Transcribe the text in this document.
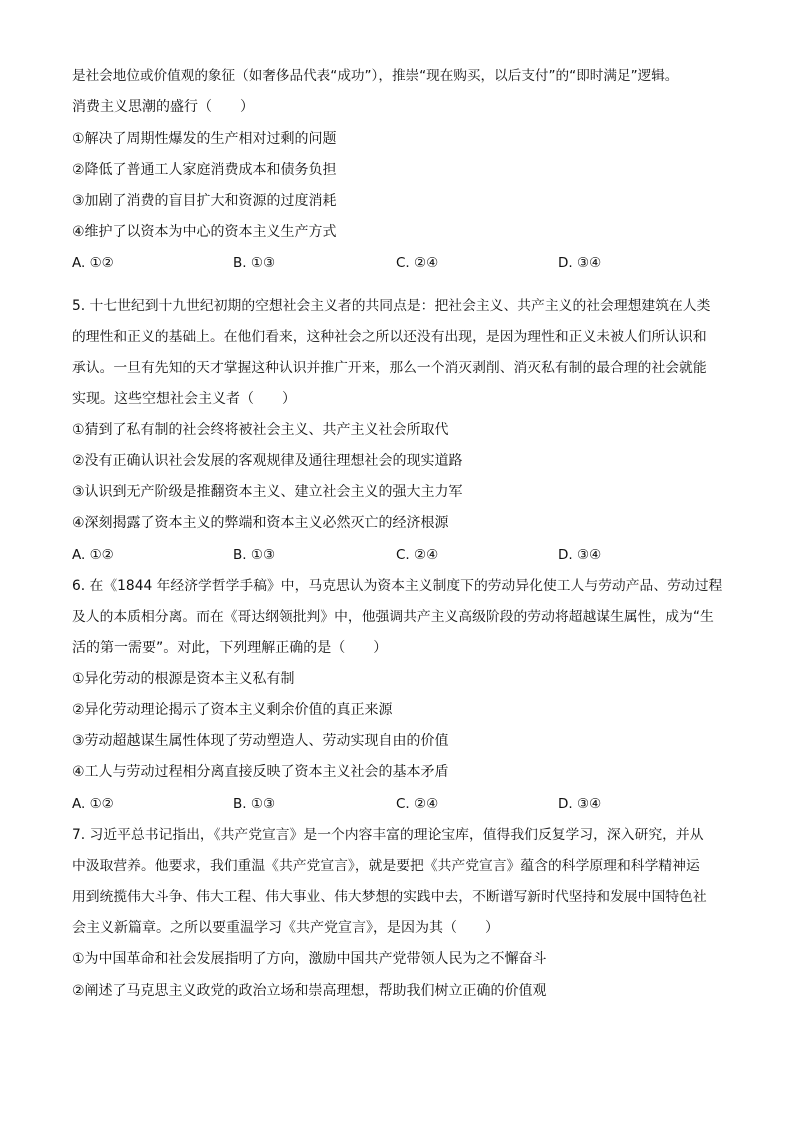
是社会地位或价值观的象征（如奢侈品代表“成功”），推崇“现在购买，以后支付”的“即时满足”逻辑。
消费主义思潮的盛行（　　）
①解决了周期性爆发的生产相对过剩的问题
②降低了普通工人家庭消费成本和债务负担
③加剧了消费的盲目扩大和资源的过度消耗
④维护了以资本为中心的资本主义生产方式
A. ①②	B. ①③	C. ②④	D. ③④
5. 十七世纪到十九世纪初期的空想社会主义者的共同点是：把社会主义、共产主义的社会理想建筑在人类
的理性和正义的基础上。在他们看来，这种社会之所以还没有出现，是因为理性和正义未被人们所认识和
承认。一旦有先知的天才掌握这种认识并推广开来，那么一个消灭剥削、消灭私有制的最合理的社会就能
实现。这些空想社会主义者（　　）
①猜到了私有制的社会终将被社会主义、共产主义社会所取代
②没有正确认识社会发展的客观规律及通往理想社会的现实道路
③认识到无产阶级是推翻资本主义、建立社会主义的强大主力军
④深刻揭露了资本主义的弊端和资本主义必然灭亡的经济根源
A. ①②	B. ①③	C. ②④	D. ③④
6. 在《1844 年经济学哲学手稿》中，马克思认为资本主义制度下的劳动异化使工人与劳动产品、劳动过程
及人的本质相分离。而在《哥达纲领批判》中，他强调共产主义高级阶段的劳动将超越谋生属性，成为“生
活的第一需要”。对此，下列理解正确的是（　　）
①异化劳动的根源是资本主义私有制
②异化劳动理论揭示了资本主义剩余价值的真正来源
③劳动超越谋生属性体现了劳动塑造人、劳动实现自由的价值
④工人与劳动过程相分离直接反映了资本主义社会的基本矛盾
A. ①②	B. ①③	C. ②④	D. ③④
7. 习近平总书记指出，《共产党宣言》是一个内容丰富的理论宝库，值得我们反复学习，深入研究，并从
中汲取营养。他要求，我们重温《共产党宣言》，就是要把《共产党宣言》蕴含的科学原理和科学精神运
用到统揽伟大斗争、伟大工程、伟大事业、伟大梦想的实践中去，不断谱写新时代坚持和发展中国特色社
会主义新篇章。之所以要重温学习《共产党宣言》，是因为其（　　）
①为中国革命和社会发展指明了方向，激励中国共产党带领人民为之不懈奋斗
②阐述了马克思主义政党的政治立场和崇高理想，帮助我们树立正确的价值观
